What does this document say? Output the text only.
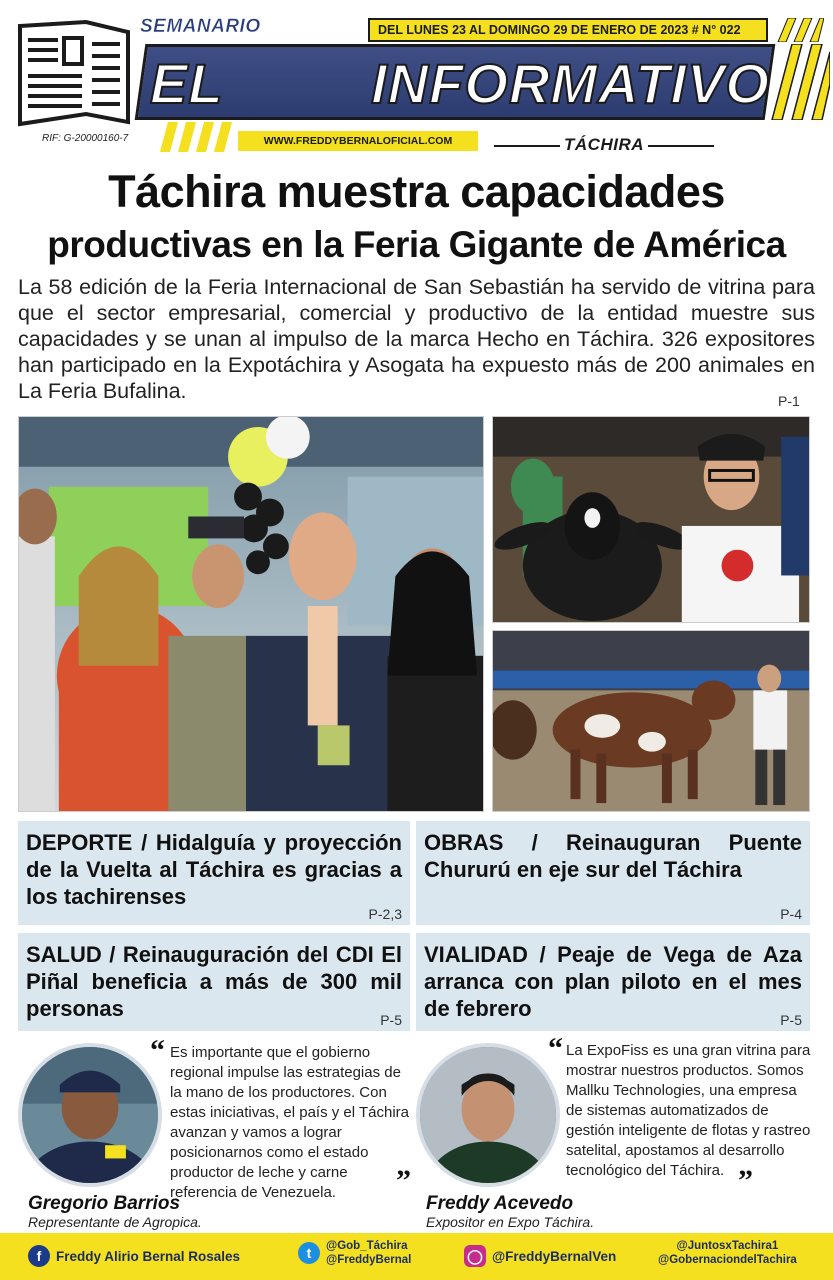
SEMANARIO	DEL LUNES 23 AL DOMINGO 29 DE ENERO DE 2023 # N° 022
EL	INFORMATIVO
RIF: G-20000160-7	WWW.FREDDYBERNALOFICIAL.COM	TÁCHIRA
Táchira muestra capacidades
productivas en la Feria Gigante de América

La 58 edición de la Feria Internacional de San Sebastián ha servido de vitrina para que el sector empresarial, comercial y productivo de la entidad muestre sus capacidades y se unan al impulso de la marca Hecho en Táchira. 326 expositores han participado en la Expotáchira y Asogata ha expuesto más de 200 animales en La Feria Bufalina.	P-1
DEPORTE / Hidalguía y proyección de la Vuelta al Táchira es gracias a los tachirenses
P-2,3
OBRAS / Reinauguran Puente Chururú en eje sur del Táchira
P-4
SALUD / Reinauguración del CDI El Piñal beneficia a más de 300 mil personas	P-5
VIALIDAD / Peaje de Vega de Aza arranca con plan piloto en el mes de febrero	P-5
“ Es importante que el gobierno regional impulse las estrategias de la mano de los productores. Con estas iniciativas, el país y el Táchira avanzan y vamos a lograr posicionarnos como el estado productor de leche y carne referencia de Venezuela.	”
Gregorio Barrios
Representante de Agropica.
“ La ExpoFiss es una gran vitrina para mostrar nuestros productos. Somos Mallku Technologies, una empresa de sistemas automatizados de gestión inteligente de flotas y rastreo satelital, apostamos al desarrollo tecnológico del Táchira. ”
Freddy Acevedo
Expositor en Expo Táchira.
f	Freddy Alirio Bernal Rosales	t	@Gob_Táchira
@FreddyBernal	◯ @FreddyBernalVen
@JuntosxTachira1
@GobernaciondelTachira
